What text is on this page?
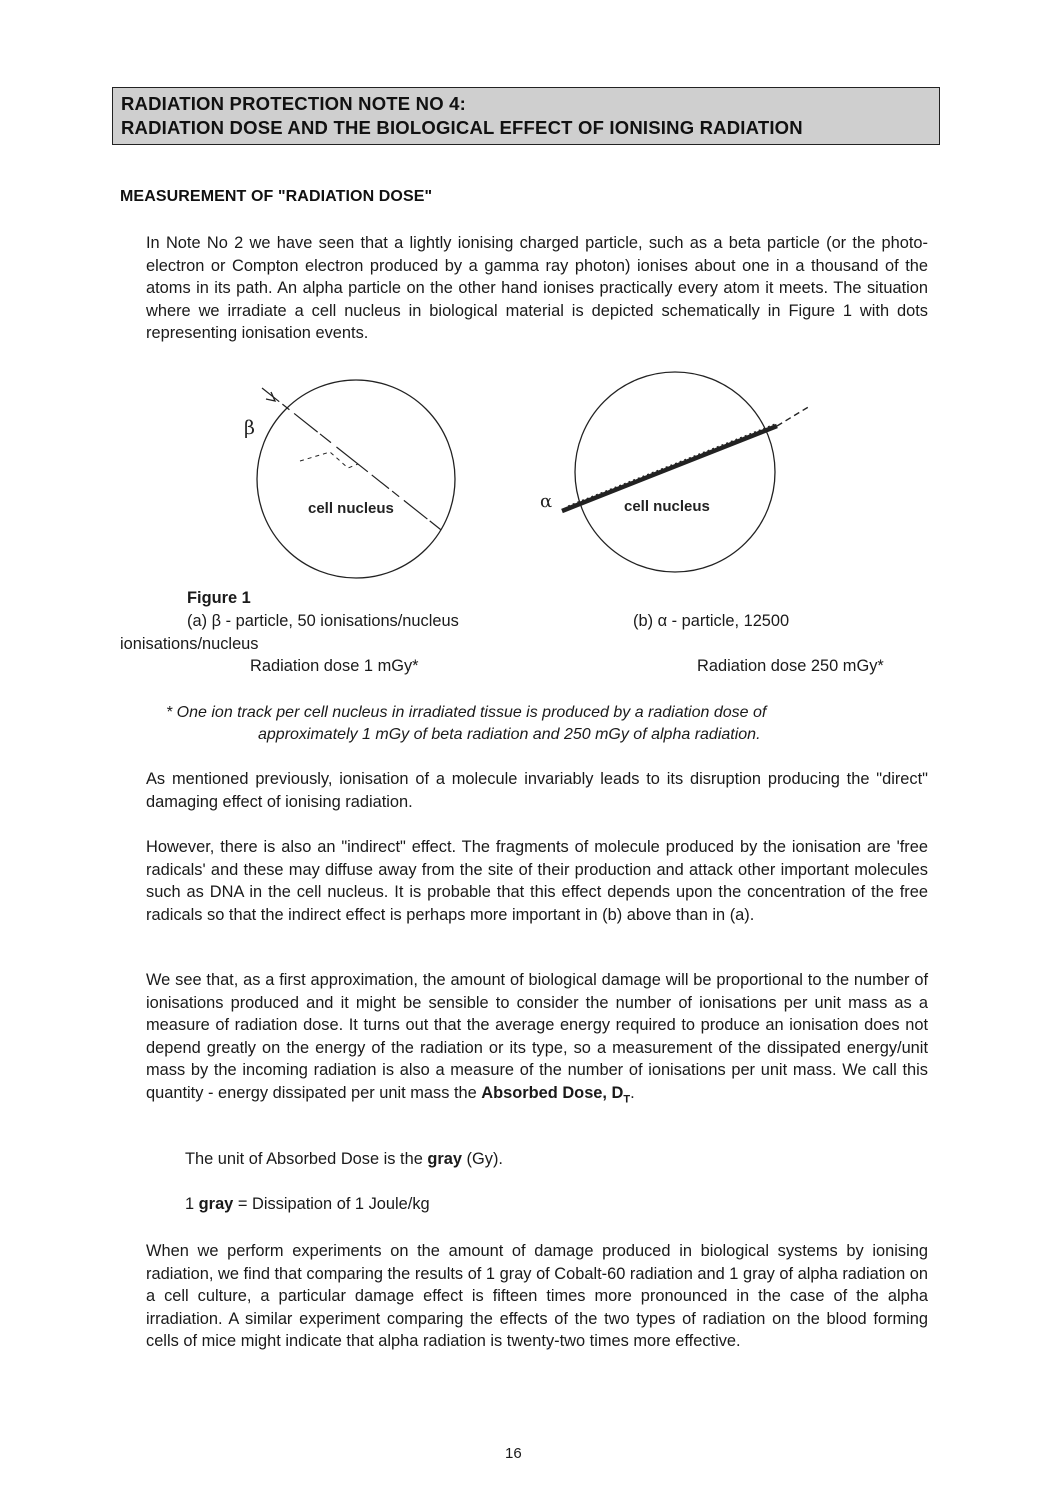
RADIATION PROTECTION NOTE NO 4:
RADIATION DOSE AND THE BIOLOGICAL EFFECT OF IONISING RADIATION
MEASUREMENT OF "RADIATION DOSE"

In Note No 2 we have seen that a lightly ionising charged particle, such as a beta particle (or the photo-electron or Compton electron produced by a gamma ray photon) ionises about one in a thousand of the atoms in its path. An alpha particle on the other hand ionises practically every atom it meets. The situation where we irradiate a cell nucleus in biological material is depicted schematically in Figure 1 with dots representing ionisation events.

β
cell nucleus	α	cell nucleus
Figure 1
(a) β - particle, 50 ionisations/nucleus
ionisations/nucleus
(b) α - particle, 12500
Radiation dose 1 mGy*	Radiation dose 250 mGy*
* One ion track per cell nucleus in irradiated tissue is produced by a radiation dose of
approximately 1 mGy of beta radiation and 250 mGy of alpha radiation.

As mentioned previously, ionisation of a molecule invariably leads to its disruption producing the "direct" damaging effect of ionising radiation.

However, there is also an "indirect" effect. The fragments of molecule produced by the ionisation are 'free radicals' and these may diffuse away from the site of their production and attack other important molecules such as DNA in the cell nucleus. It is probable that this effect depends upon the concentration of the free radicals so that the indirect effect is perhaps more important in (b) above than in (a).

We see that, as a first approximation, the amount of biological damage will be proportional to the number of ionisations produced and it might be sensible to consider the number of ionisations per unit mass as a measure of radiation dose. It turns out that the average energy required to produce an ionisation does not depend greatly on the energy of the radiation or its type, so a measurement of the dissipated energy/unit mass by the incoming radiation is also a measure of the number of ionisations per unit mass. We call this quantity - energy dissipated per unit mass the Absorbed Dose, $D_T$.

The unit of Absorbed Dose is the gray (Gy).
1 gray = Dissipation of 1 Joule/kg

When we perform experiments on the amount of damage produced in biological systems by ionising radiation, we find that comparing the results of 1 gray of Cobalt-60 radiation and 1 gray of alpha radiation on a cell culture, a particular damage effect is fifteen times more pronounced in the case of the alpha irradiation. A similar experiment comparing the effects of the two types of radiation on the blood forming cells of mice might indicate that alpha radiation is twenty-two times more effective.

16
